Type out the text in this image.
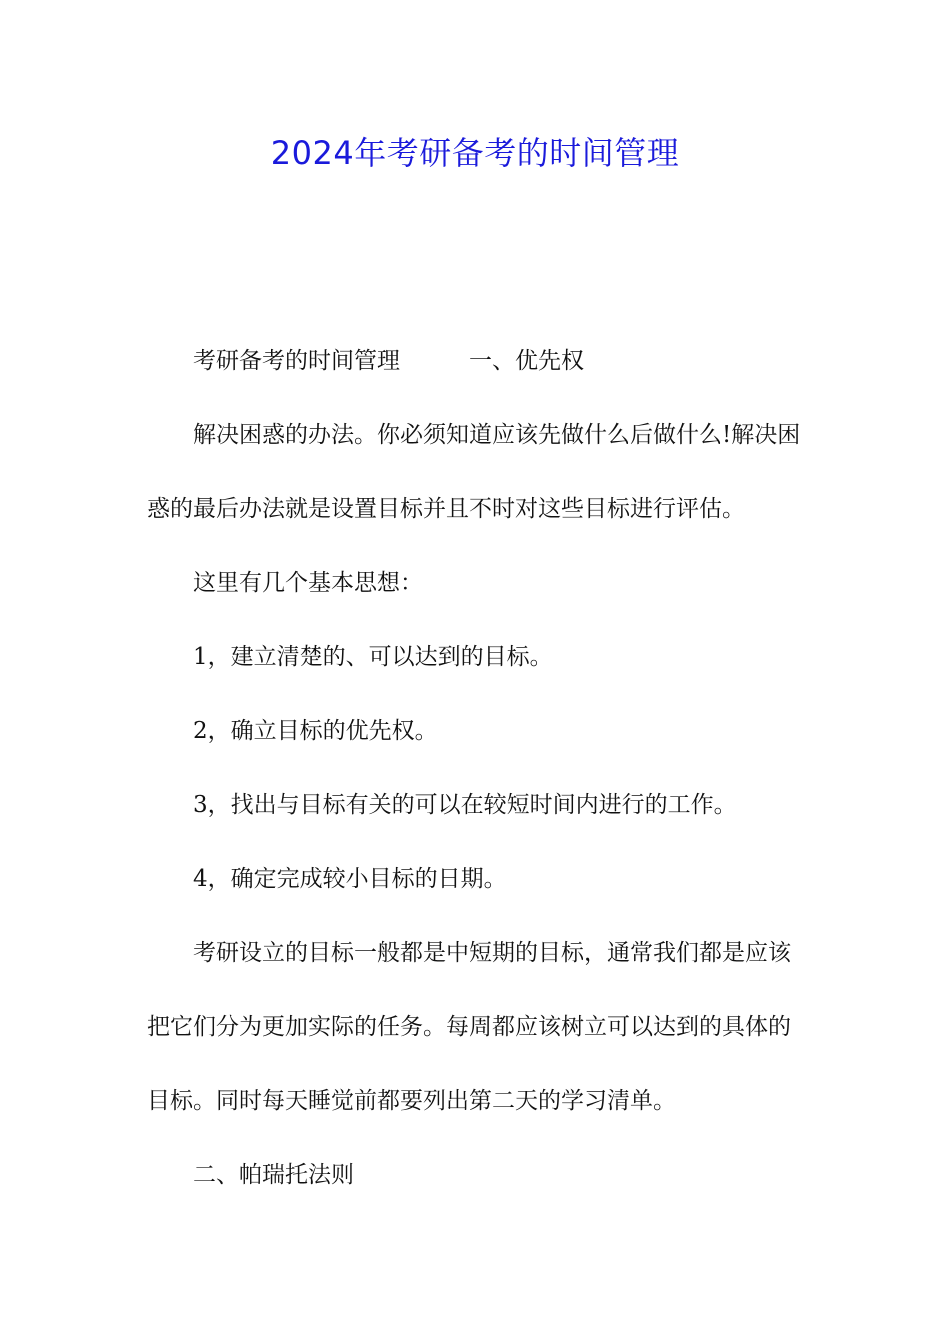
2024年考研备考的时间管理

考研备考的时间管理　　　一、优先权

解决困惑的办法。你必须知道应该先做什么后做什么!解决困惑的最后办法就是设置目标并且不时对这些目标进行评估。

这里有几个基本思想：

1，建立清楚的、可以达到的目标。

2，确立目标的优先权。

3，找出与目标有关的可以在较短时间内进行的工作。

4，确定完成较小目标的日期。

考研设立的目标一般都是中短期的目标，通常我们都是应该把它们分为更加实际的任务。每周都应该树立可以达到的具体的目标。同时每天睡觉前都要列出第二天的学习清单。

二、帕瑞托法则
